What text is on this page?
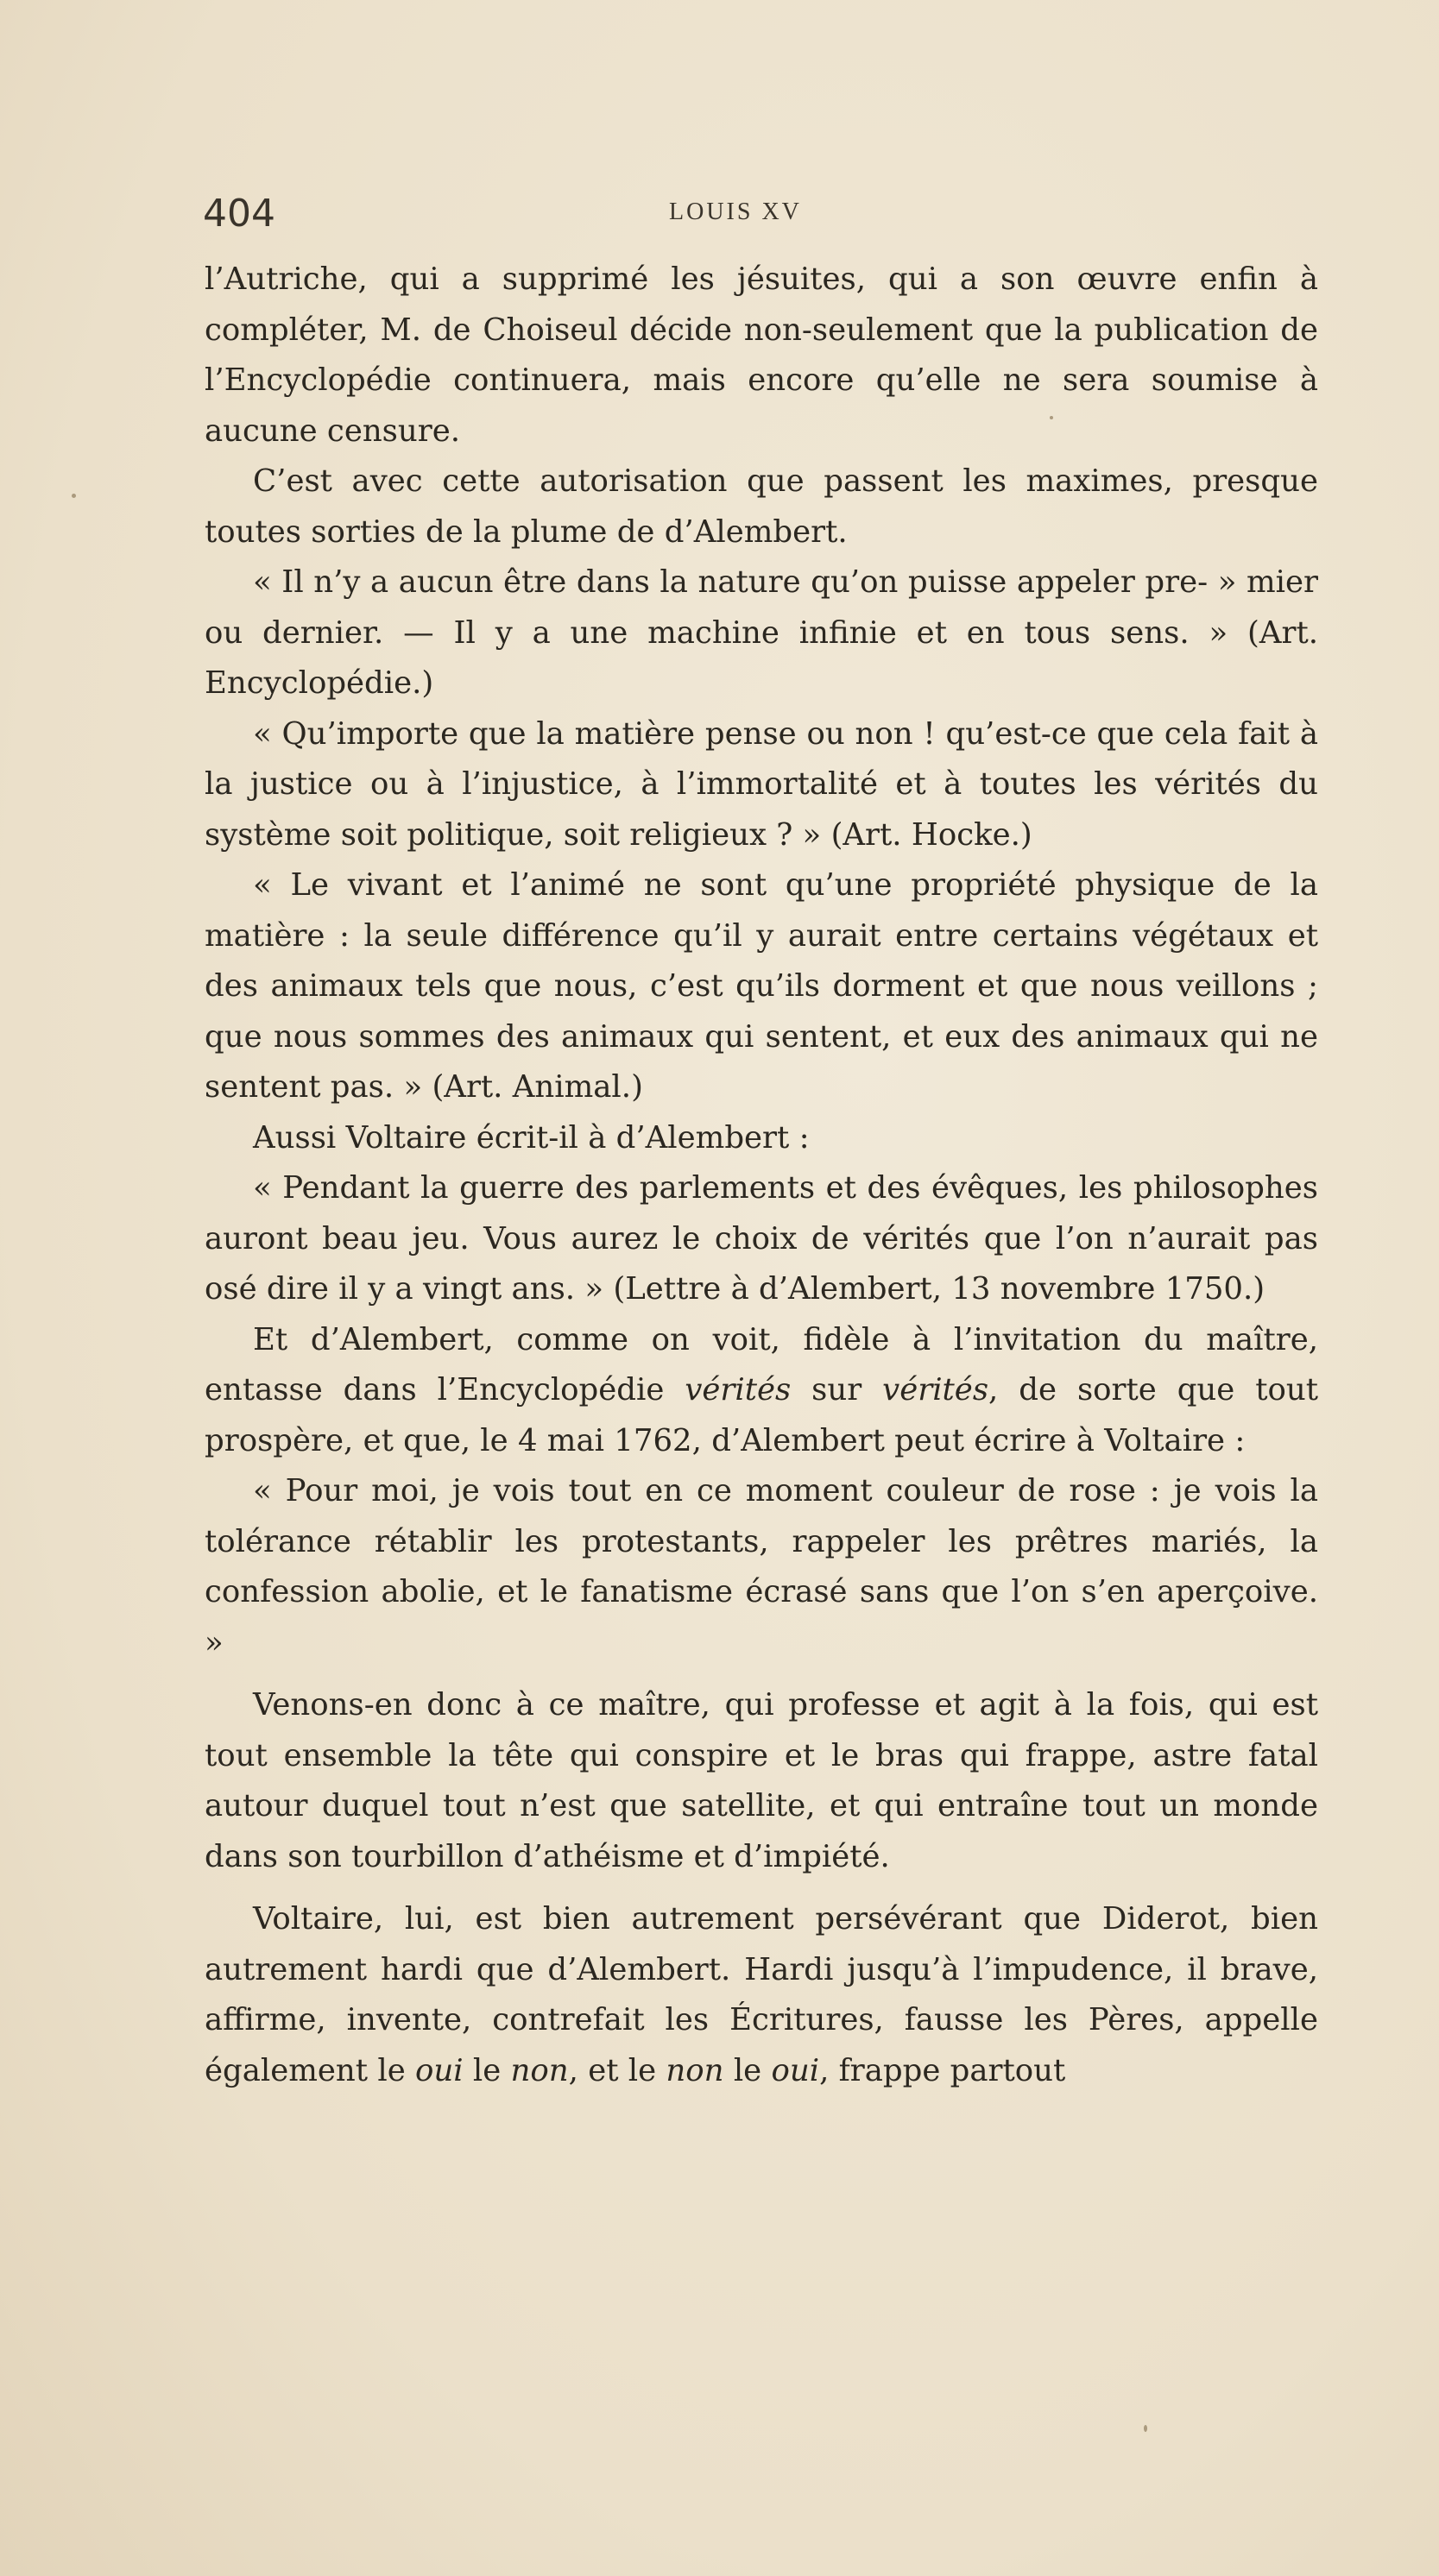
404	LOUIS XV

l’Autriche, qui a supprimé les jésuites, qui a son œuvre enfin à compléter, M. de Choiseul décide non-seulement que la publication de l’Encyclopédie continuera, mais encore qu’elle ne sera soumise à aucune censure.

C’est avec cette autorisation que passent les maximes, presque toutes sorties de la plume de d’Alembert.

« Il n’y a aucun être dans la nature qu’on puisse appeler pre- » mier ou dernier. — Il y a une machine infinie et en tous sens. » (Art. Encyclopédie.)

« Qu’importe que la matière pense ou non ! qu’est-ce que cela fait à la justice ou à l’injustice, à l’immortalité et à toutes les vérités du système soit politique, soit religieux ? » (Art. Hocke.)

« Le vivant et l’animé ne sont qu’une propriété physique de la matière : la seule différence qu’il y aurait entre certains végétaux et des animaux tels que nous, c’est qu’ils dorment et que nous veillons ; que nous sommes des animaux qui sentent, et eux des animaux qui ne sentent pas. » (Art. Animal.)

Aussi Voltaire écrit-il à d’Alembert :

« Pendant la guerre des parlements et des évêques, les philosophes auront beau jeu. Vous aurez le choix de vérités que l’on n’aurait pas osé dire il y a vingt ans. » (Lettre à d’Alembert, 13 novembre 1750.)

Et d’Alembert, comme on voit, fidèle à l’invitation du maître, entasse dans l’Encyclopédie vérités sur vérités, de sorte que tout prospère, et que, le 4 mai 1762, d’Alembert peut écrire à Voltaire :

« Pour moi, je vois tout en ce moment couleur de rose : je vois la tolérance rétablir les protestants, rappeler les prêtres mariés, la confession abolie, et le fanatisme écrasé sans que l’on s’en aperçoive. »

Venons-en donc à ce maître, qui professe et agit à la fois, qui est tout ensemble la tête qui conspire et le bras qui frappe, astre fatal autour duquel tout n’est que satellite, et qui entraîne tout un monde dans son tourbillon d’athéisme et d’impiété.

Voltaire, lui, est bien autrement persévérant que Diderot, bien autrement hardi que d’Alembert. Hardi jusqu’à l’impudence, il brave, affirme, invente, contrefait les Écritures, fausse les Pères, appelle également le oui le non, et le non le oui, frappe partout
